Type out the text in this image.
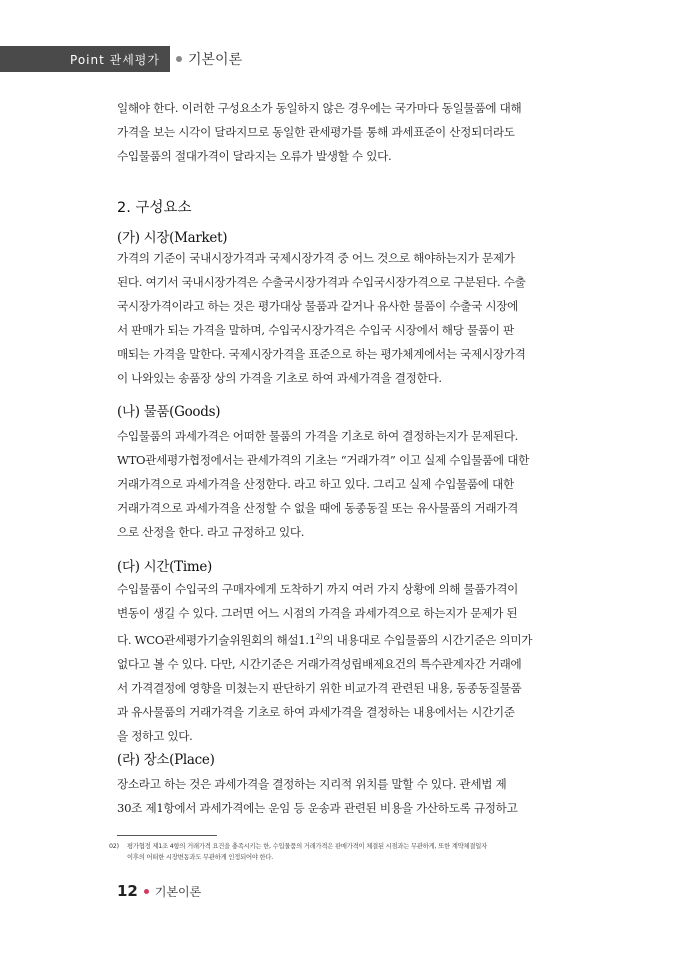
Point 관세평가	기본이론

일해야 한다. 이러한 구성요소가 동일하지 않은 경우에는 국가마다 동일물품에 대해
가격을 보는 시각이 달라지므로 동일한 관세평가를 통해 과세표준이 산정되더라도
수입물품의 절대가격이 달라지는 오류가 발생할 수 있다.

2. 구성요소
(가) 시장(Market)

가격의 기준이 국내시장가격과 국제시장가격 중 어느 것으로 해야하는지가 문제가
된다. 여기서 국내시장가격은 수출국시장가격과 수입국시장가격으로 구분된다. 수출
국시장가격이라고 하는 것은 평가대상 물품과 같거나 유사한 물품이 수출국 시장에
서 판매가 되는 가격을 말하며, 수입국시장가격은 수입국 시장에서 해당 물품이 판
매되는 가격을 말한다. 국제시장가격을 표준으로 하는 평가체계에서는 국제시장가격
이 나와있는 송품장 상의 가격을 기초로 하여 과세가격을 결정한다.

(나) 물품(Goods)

수입물품의 과세가격은 어떠한 물품의 가격을 기초로 하여 결정하는지가 문제된다.
WTO관세평가협정에서는 관세가격의 기초는 “거래가격” 이고 실제 수입물품에 대한
거래가격으로 과세가격을 산정한다. 라고 하고 있다. 그리고 실제 수입물품에 대한
거래가격으로 과세가격을 산정할 수 없을 때에 동종동질 또는 유사물품의 거래가격
으로 산정을 한다. 라고 규정하고 있다.

(다) 시간(Time)

수입물품이 수입국의 구매자에게 도착하기 까지 여러 가지 상황에 의해 물품가격이
변동이 생길 수 있다. 그러면 어느 시점의 가격을 과세가격으로 하는지가 문제가 된
다. WCO관세평가기술위원회의 해설1.1$^{2)}$의 내용대로 수입물품의 시간기준은 의미가
없다고 볼 수 있다. 다만, 시간기준은 거래가격성립배제요건의 특수관계자간 거래에
서 가격결정에 영향을 미쳤는지 판단하기 위한 비교가격 관련된 내용, 동종동질물품
과 유사물품의 거래가격을 기초로 하여 과세가격을 결정하는 내용에서는 시간기준
을 정하고 있다.

(라) 장소(Place)

장소라고 하는 것은 과세가격을 결정하는 지리적 위치를 말할 수 있다. 관세법 제
30조 제1항에서 과세가격에는 운임 등 운송과 관련된 비용을 가산하도록 규정하고

02)	평가협정 제1조 4항의 거래가격 요건을 충족시키는 한, 수입물품의 거래가격은 판매가격이 체결된 시점과는 무관하게, 또한 계약체결일자
이후의 어떠한 시장변동과도 무관하게 인정되어야 한다.
12 기본이론
